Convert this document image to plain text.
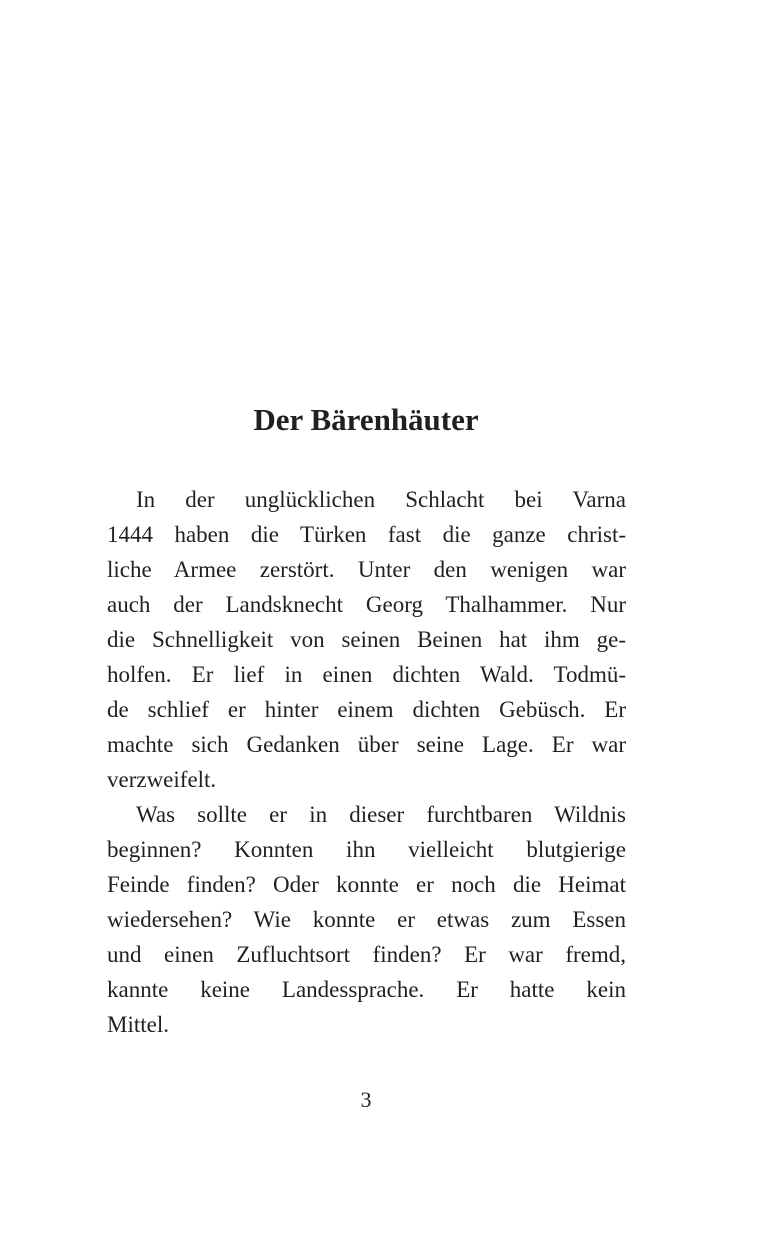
Der Bärenhäuter

In der unglücklichen Schlacht bei Varna
1444 haben die Türken fast die ganze christ-
liche Armee zerstört. Unter den wenigen war
auch der Landsknecht Georg Thalhammer. Nur
die Schnelligkeit von seinen Beinen hat ihm ge-
holfen. Er lief in einen dichten Wald. Todmü-
de schlief er hinter einem dichten Gebüsch. Er
machte sich Gedanken über seine Lage. Er war
verzweifelt.

Was sollte er in dieser furchtbaren Wildnis
beginnen? Konnten ihn vielleicht blutgierige
Feinde finden? Oder konnte er noch die Heimat
wiedersehen? Wie konnte er etwas zum Essen
und einen Zufluchtsort finden? Er war fremd,
kannte keine Landessprache. Er hatte kein
Mittel.

3
